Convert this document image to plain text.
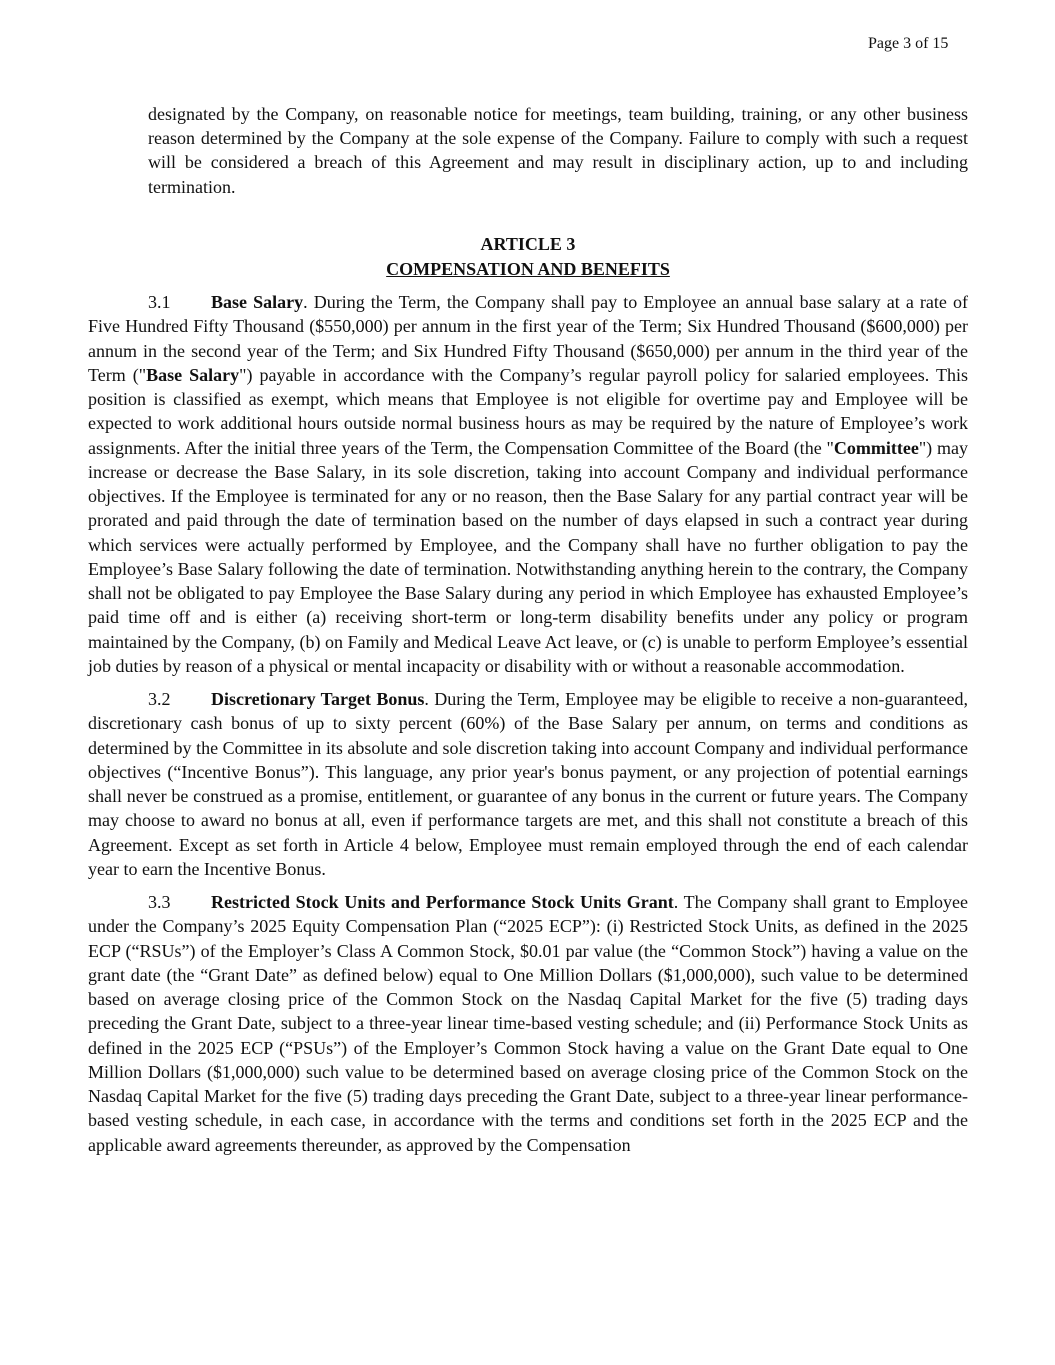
Page 3 of 15

designated by the Company, on reasonable notice for meetings, team building, training, or any other business reason determined by the Company at the sole expense of the Company. Failure to comply with such a request will be considered a breach of this Agreement and may result in disciplinary action, up to and including termination.

ARTICLE 3
COMPENSATION AND BENEFITS

3.1 Base Salary. During the Term, the Company shall pay to Employee an annual base salary at a rate of Five Hundred Fifty Thousand ($550,000) per annum in the first year of the Term; Six Hundred Thousand ($600,000) per annum in the second year of the Term; and Six Hundred Fifty Thousand ($650,000) per annum in the third year of the Term ("Base Salary") payable in accordance with the Company’s regular payroll policy for salaried employees. This position is classified as exempt, which means that Employee is not eligible for overtime pay and Employee will be expected to work additional hours outside normal business hours as may be required by the nature of Employee’s work assignments. After the initial three years of the Term, the Compensation Committee of the Board (the "Committee") may increase or decrease the Base Salary, in its sole discretion, taking into account Company and individual performance objectives. If the Employee is terminated for any or no reason, then the Base Salary for any partial contract year will be prorated and paid through the date of termination based on the number of days elapsed in such a contract year during which services were actually performed by Employee, and the Company shall have no further obligation to pay the Employee’s Base Salary following the date of termination. Notwithstanding anything herein to the contrary, the Company shall not be obligated to pay Employee the Base Salary during any period in which Employee has exhausted Employee’s paid time off and is either (a) receiving short-term or long-term disability benefits under any policy or program maintained by the Company, (b) on Family and Medical Leave Act leave, or (c) is unable to perform Employee’s essential job duties by reason of a physical or mental incapacity or disability with or without a reasonable accommodation.

3.2 Discretionary Target Bonus. During the Term, Employee may be eligible to receive a non-guaranteed, discretionary cash bonus of up to sixty percent (60%) of the Base Salary per annum, on terms and conditions as determined by the Committee in its absolute and sole discretion taking into account Company and individual performance objectives (“Incentive Bonus”). This language, any prior year's bonus payment, or any projection of potential earnings shall never be construed as a promise, entitlement, or guarantee of any bonus in the current or future years. The Company may choose to award no bonus at all, even if performance targets are met, and this shall not constitute a breach of this Agreement. Except as set forth in Article 4 below, Employee must remain employed through the end of each calendar year to earn the Incentive Bonus.

3.3 Restricted Stock Units and Performance Stock Units Grant. The Company shall grant to Employee under the Company’s 2025 Equity Compensation Plan (“2025 ECP”): (i) Restricted Stock Units, as defined in the 2025 ECP (“RSUs”) of the Employer’s Class A Common Stock, $0.01 par value (the “Common Stock”) having a value on the grant date (the “Grant Date” as defined below) equal to One Million Dollars ($1,000,000), such value to be determined based on average closing price of the Common Stock on the Nasdaq Capital Market for the five (5) trading days preceding the Grant Date, subject to a three-year linear time-based vesting schedule; and (ii) Performance Stock Units as defined in the 2025 ECP (“PSUs”) of the Employer’s Common Stock having a value on the Grant Date equal to One Million Dollars ($1,000,000) such value to be determined based on average closing price of the Common Stock on the Nasdaq Capital Market for the five (5) trading days preceding the Grant Date, subject to a three-year linear performance-based vesting schedule, in each case, in accordance with the terms and conditions set forth in the 2025 ECP and the applicable award agreements thereunder, as approved by the Compensation
